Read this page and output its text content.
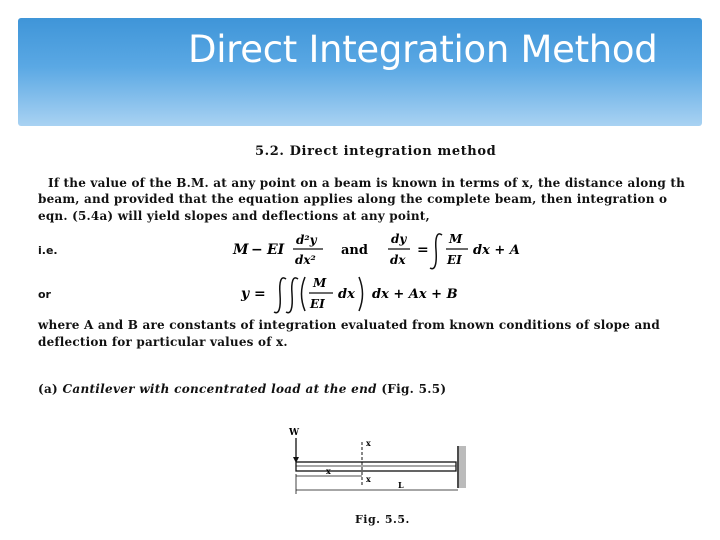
Direct Integration Method
5.2. Direct integration method
If the value of the B.M. at any point on a beam is known in terms of x, the distance along th
beam, and provided that the equation applies along the complete beam, then integration o
eqn. (5.4a) will yield slopes and deflections at any point,
i.e.	M − EI
d²y
dx²
and
dy
dx
=
M
EI
dx + A
or	y =
M
EI
dx dx + Ax + B
where A and B are constants of integration evaluated from known conditions of slope and
deflection for particular values of x.
(a) Cantilever with concentrated load at the end (Fig. 5.5)
W
x
x
x
L
Fig. 5.5.
